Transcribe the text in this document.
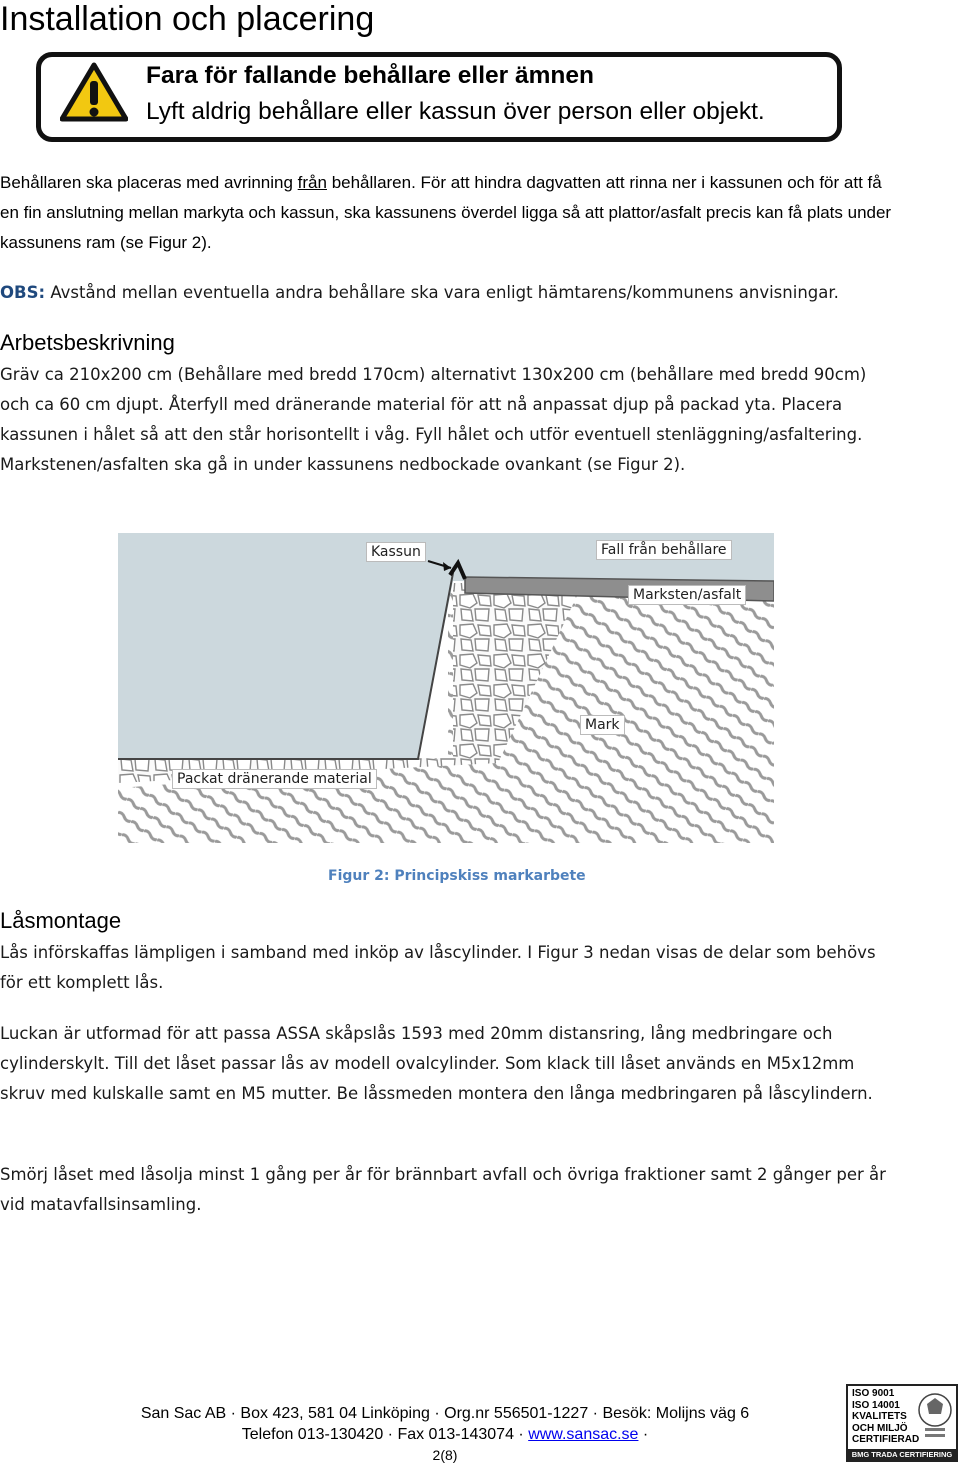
Installation och placering
Fara för fallande behållare eller ämnen
Lyft aldrig behållare eller kassun över person eller objekt.

Behållaren ska placeras med avrinning från behållaren. För att hindra dagvatten att rinna ner i kassunen och för att få en fin anslutning mellan markyta och kassun, ska kassunens överdel ligga så att plattor/asfalt precis kan få plats under kassunens ram (se Figur 2).

OBS: Avstånd mellan eventuella andra behållare ska vara enligt hämtarens/kommunens anvisningar.

Arbetsbeskrivning

Gräv ca 210x200 cm (Behållare med bredd 170cm) alternativt 130x200 cm (behållare med bredd 90cm) och ca 60 cm djupt. Återfyll med dränerande material för att nå anpassat djup på packad yta. Placera kassunen i hålet så att den står horisontellt i våg. Fyll hålet och utför eventuell stenläggning/asfaltering. Markstenen/asfalten ska gå in under kassunens nedbockade ovankant (se Figur 2).

Kassun	Fall från behållare
Marksten/asfalt
Mark
Packat dränerande material
Figur 2: Principskiss markarbete
Låsmontage

Lås införskaffas lämpligen i samband med inköp av låscylinder. I Figur 3 nedan visas de delar som behövs för ett komplett lås.

Luckan är utformad för att passa ASSA skåpslås 1593 med 20mm distansring, lång medbringare och cylinderskylt. Till det låset passar lås av modell ovalcylinder. Som klack till låset används en M5x12mm skruv med kulskalle samt en M5 mutter. Be låssmeden montera den långa medbringaren på låscylindern.

Smörj låset med låsolja minst 1 gång per år för brännbart avfall och övriga fraktioner samt 2 gånger per år vid matavfallsinsamling.

San Sac AB · Box 423, 581 04 Linköping · Org.nr 556501-1227 · Besök: Molijns väg 6
Telefon 013-130420 · Fax 013-143074 · www.sansac.se ·
2(8)
ISO 9001
ISO 14001
KVALITETS
OCH MILJÖ
CERTIFIERAD
BMG TRADA CERTIFIERING
